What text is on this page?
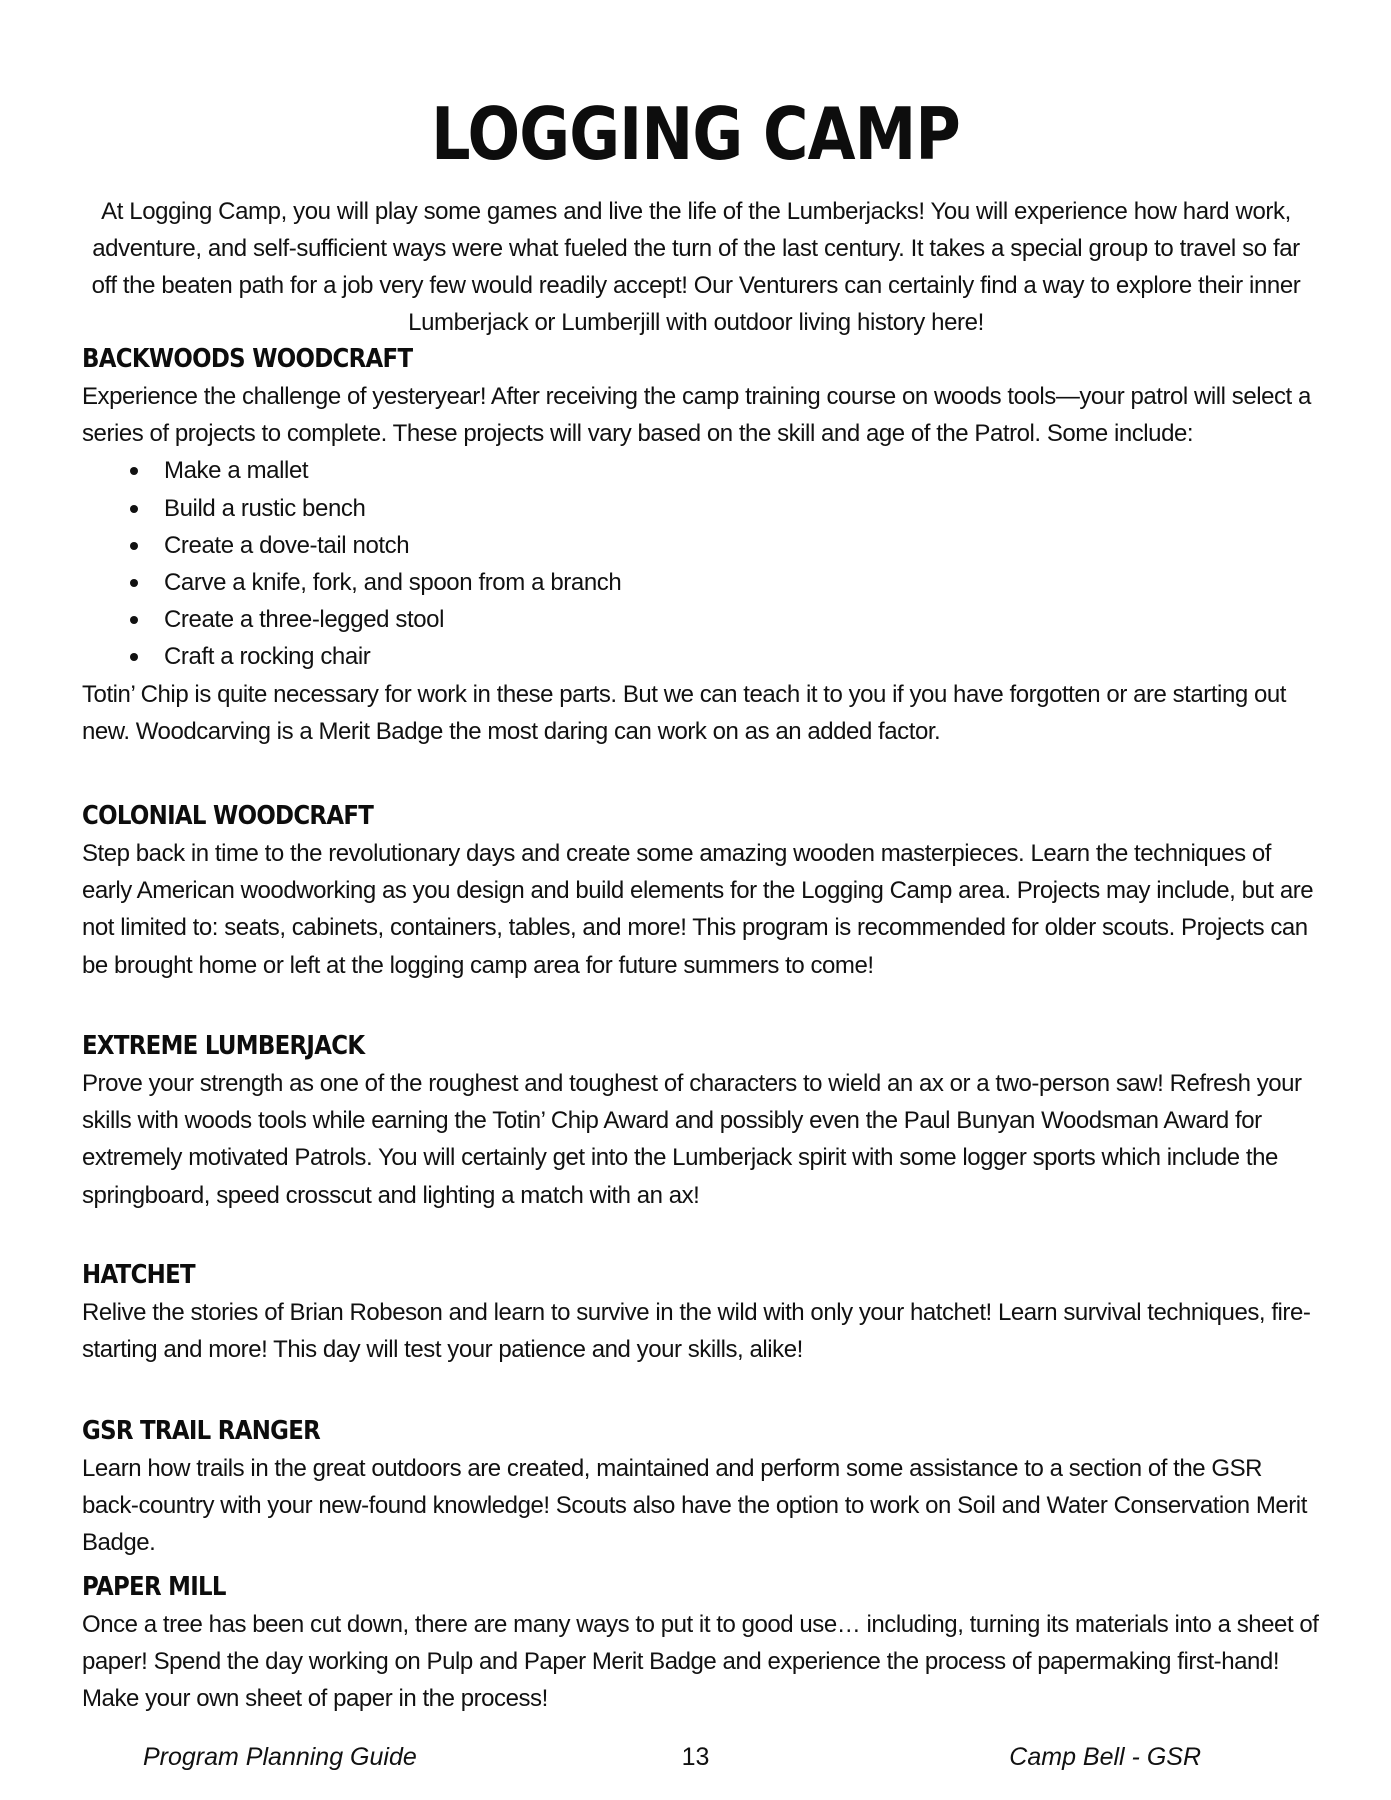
LOGGING CAMP
At Logging Camp, you will play some games and live the life of the Lumberjacks! You will experience how hard work, adventure, and self-sufficient ways were what fueled the turn of the last century. It takes a special group to travel so far off the beaten path for a job very few would readily accept! Our Venturers can certainly find a way to explore their inner Lumberjack or Lumberjill with outdoor living history here!
BACKWOODS WOODCRAFT
Experience the challenge of yesteryear! After receiving the camp training course on woods tools—your patrol will select a series of projects to complete. These projects will vary based on the skill and age of the Patrol. Some include:
Make a mallet
Build a rustic bench
Create a dove-tail notch
Carve a knife, fork, and spoon from a branch
Create a three-legged stool
Craft a rocking chair
Totin’ Chip is quite necessary for work in these parts. But we can teach it to you if you have forgotten or are starting out new. Woodcarving is a Merit Badge the most daring can work on as an added factor.
COLONIAL WOODCRAFT
Step back in time to the revolutionary days and create some amazing wooden masterpieces. Learn the techniques of early American woodworking as you design and build elements for the Logging Camp area. Projects may include, but are not limited to: seats, cabinets, containers, tables, and more! This program is recommended for older scouts. Projects can be brought home or left at the logging camp area for future summers to come!
EXTREME LUMBERJACK
Prove your strength as one of the roughest and toughest of characters to wield an ax or a two-person saw! Refresh your skills with woods tools while earning the Totin’ Chip Award and possibly even the Paul Bunyan Woodsman Award for extremely motivated Patrols. You will certainly get into the Lumberjack spirit with some logger sports which include the springboard, speed crosscut and lighting a match with an ax!
HATCHET
Relive the stories of Brian Robeson and learn to survive in the wild with only your hatchet! Learn survival techniques, fire-starting and more! This day will test your patience and your skills, alike!
GSR TRAIL RANGER
Learn how trails in the great outdoors are created, maintained and perform some assistance to a section of the GSR back-country with your new-found knowledge! Scouts also have the option to work on Soil and Water Conservation Merit Badge.
PAPER MILL
Once a tree has been cut down, there are many ways to put it to good use… including, turning its materials into a sheet of paper! Spend the day working on Pulp and Paper Merit Badge and experience the process of papermaking first-hand! Make your own sheet of paper in the process!
Program Planning Guide	13	Camp Bell - GSR
